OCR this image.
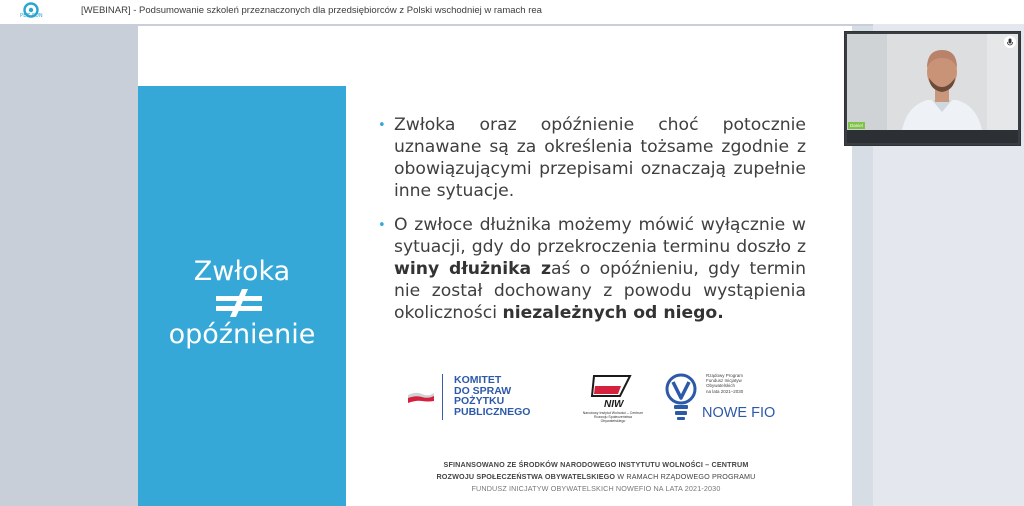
PEZ FUN	[WEBINAR] - Podsumowanie szkoleń przeznaczonych dla przedsiębiorców z Polski wschodniej w ramach rea
Zwłoka
opóźnienie
• Zwłoka oraz opóźnienie choć potocznie uznawane są za określenia tożsame zgodnie z obowiązującymi przepisami oznaczają zupełnie inne sytuacje.
• O zwłoce dłużnika możemy mówić wyłącznie w sytuacji, gdy do przekroczenia terminu doszło z winy dłużnika zaś o opóźnieniu, gdy termin nie został dochowany z powodu wystąpienia okoliczności niezależnych od niego.
KOMITET
DO SPRAW
POŻYTKU
PUBLICZNEGO
NIW
Narodowy Instytut Wolności – Centrum Rozwoju Społeczeństwa Obywatelskiego
Rządowy Program
Fundusz Inicjatyw
Obywatelskich
na lata 2021–2030
NOWE FIO
SFINANSOWANO ZE ŚRODKÓW NARODOWEGO INSTYTUTU WOLNOŚCI – CENTRUM
ROZWOJU SPOŁECZEŃSTWA OBYWATELSKIEGO W RAMACH RZĄDOWEGO PROGRAMU
FUNDUSZ INICJATYW OBYWATELSKICH NOWEFIO NA LATA 2021-2030
Daniel
